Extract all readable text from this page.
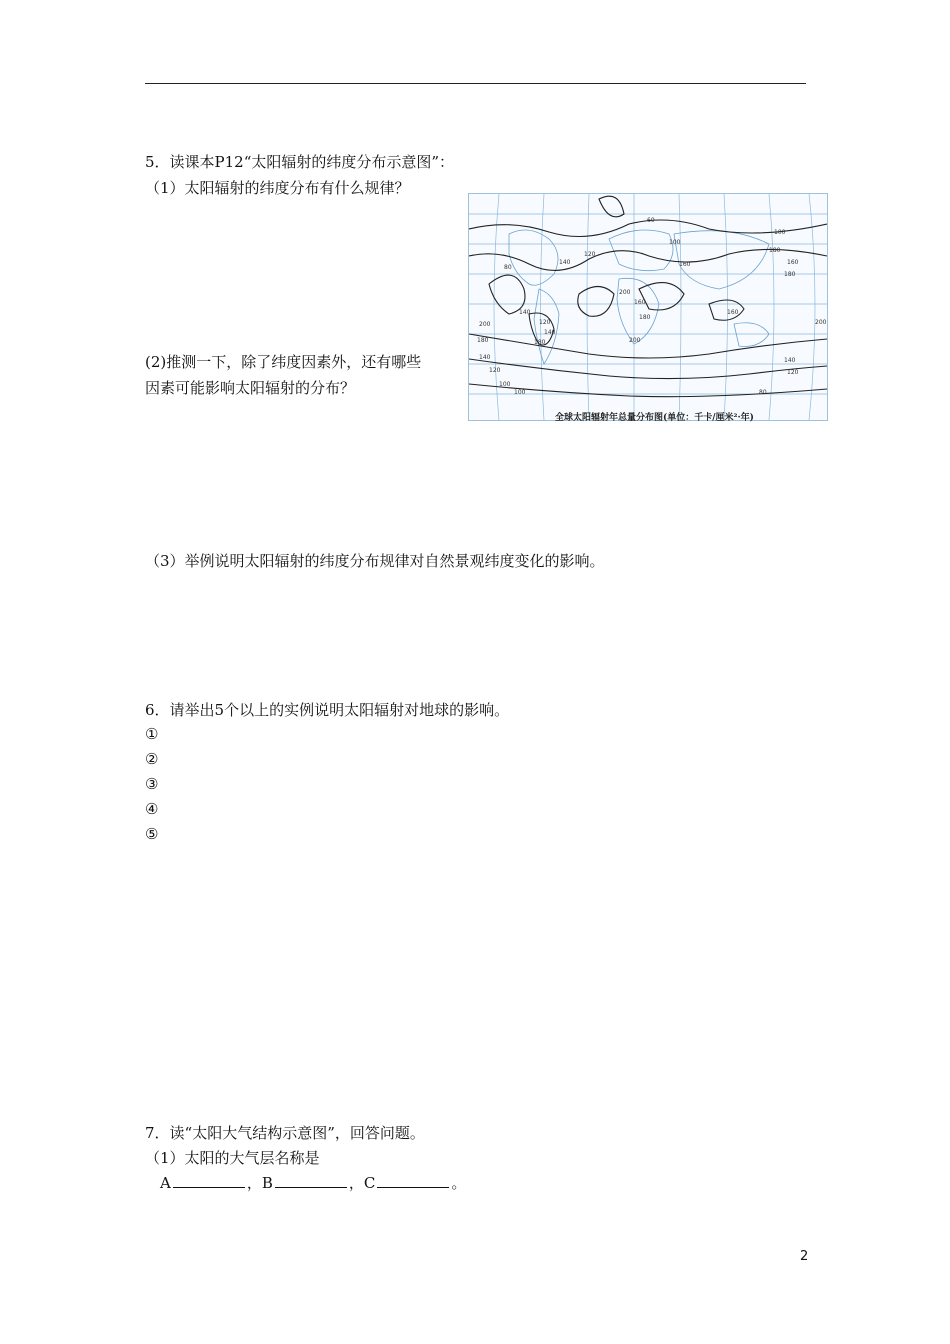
5．读课本P12“太阳辐射的纬度分布示意图”：
（1）太阳辐射的纬度分布有什么规律？
60
100
120
140	160
180
200
80
100
140
160
180
200	120
140
180	200
160
180
140
120
100
140
120
80
100
160
180
200
全球太阳辐射年总量分布图(单位：千卡/厘米²·年)
(2)推测一下，除了纬度因素外，还有哪些
因素可能影响太阳辐射的分布？
（3）举例说明太阳辐射的纬度分布规律对自然景观纬度变化的影响。
6．请举出5个以上的实例说明太阳辐射对地球的影响。
①
②
③
④
⑤
7．读“太阳大气结构示意图”，回答问题。
（1）太阳的大气层名称是
A	，B	，C	。
2
